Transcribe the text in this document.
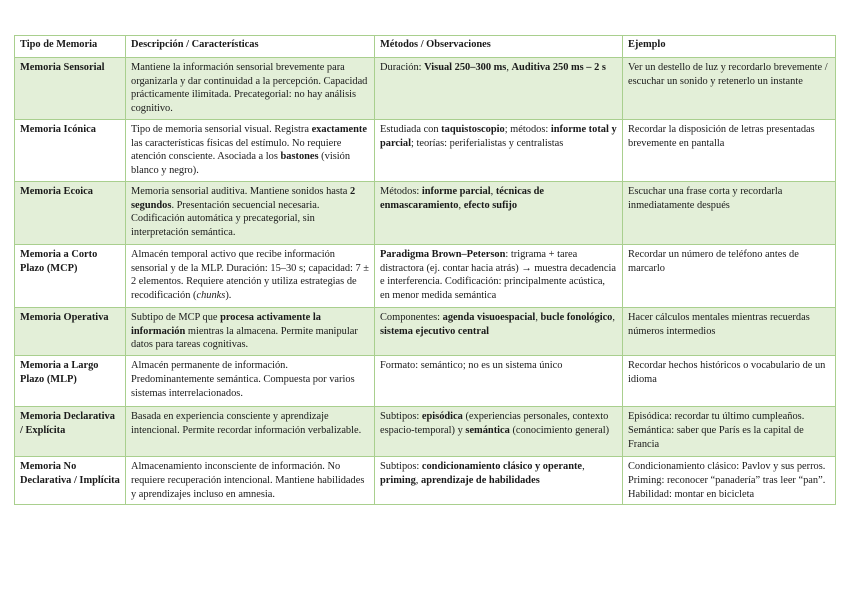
Tipo de Memoria	Descripción / Características	Métodos / Observaciones	Ejemplo
Memoria Sensorial	Mantiene la información sensorial brevemente para organizarla y dar continuidad a la percepción. Capacidad prácticamente ilimitada. Precategorial: no hay análisis cognitivo.	Duración: Visual 250–300 ms, Auditiva 250 ms – 2 s	Ver un destello de luz y recordarlo brevemente / escuchar un sonido y retenerlo un instante
Memoria Icónica	Tipo de memoria sensorial visual. Registra exactamente las características físicas del estímulo. No requiere atención consciente. Asociada a los bastones (visión blanco y negro).	Estudiada con taquistoscopio; métodos: informe total y parcial; teorías: periferialistas y centralistas	Recordar la disposición de letras presentadas brevemente en pantalla
Memoria Ecoica	Memoria sensorial auditiva. Mantiene sonidos hasta 2 segundos. Presentación secuencial necesaria. Codificación automática y precategorial, sin interpretación semántica.	Métodos: informe parcial, técnicas de enmascaramiento, efecto sufijo	Escuchar una frase corta y recordarla inmediatamente después
Memoria a Corto Plazo (MCP)	Almacén temporal activo que recibe información sensorial y de la MLP. Duración: 15–30 s; capacidad: 7 ± 2 elementos. Requiere atención y utiliza estrategias de recodificación (chunks).	Paradigma Brown–Peterson: trigrama + tarea distractora (ej. contar hacia atrás) → muestra decadencia e interferencia. Codificación: principalmente acústica, en menor medida semántica	Recordar un número de teléfono antes de marcarlo
Memoria Operativa	Subtipo de MCP que procesa activamente la información mientras la almacena. Permite manipular datos para tareas cognitivas.	Componentes: agenda visuoespacial, bucle fonológico, sistema ejecutivo central	Hacer cálculos mentales mientras recuerdas números intermedios
Memoria a Largo Plazo (MLP)	Almacén permanente de información. Predominantemente semántica. Compuesta por varios sistemas interrelacionados.	Formato: semántico; no es un sistema único	Recordar hechos históricos o vocabulario de un idioma
Memoria Declarativa / Explícita	Basada en experiencia consciente y aprendizaje intencional. Permite recordar información verbalizable.	Subtipos: episódica (experiencias personales, contexto espacio-temporal) y semántica (conocimiento general)	Episódica: recordar tu último cumpleaños. Semántica: saber que París es la capital de Francia
Memoria No Declarativa / Implícita	Almacenamiento inconsciente de información. No requiere recuperación intencional. Mantiene habilidades y aprendizajes incluso en amnesia.	Subtipos: condicionamiento clásico y operante, priming, aprendizaje de habilidades	Condicionamiento clásico: Pavlov y sus perros. Priming: reconocer “panadería” tras leer “pan”. Habilidad: montar en bicicleta
